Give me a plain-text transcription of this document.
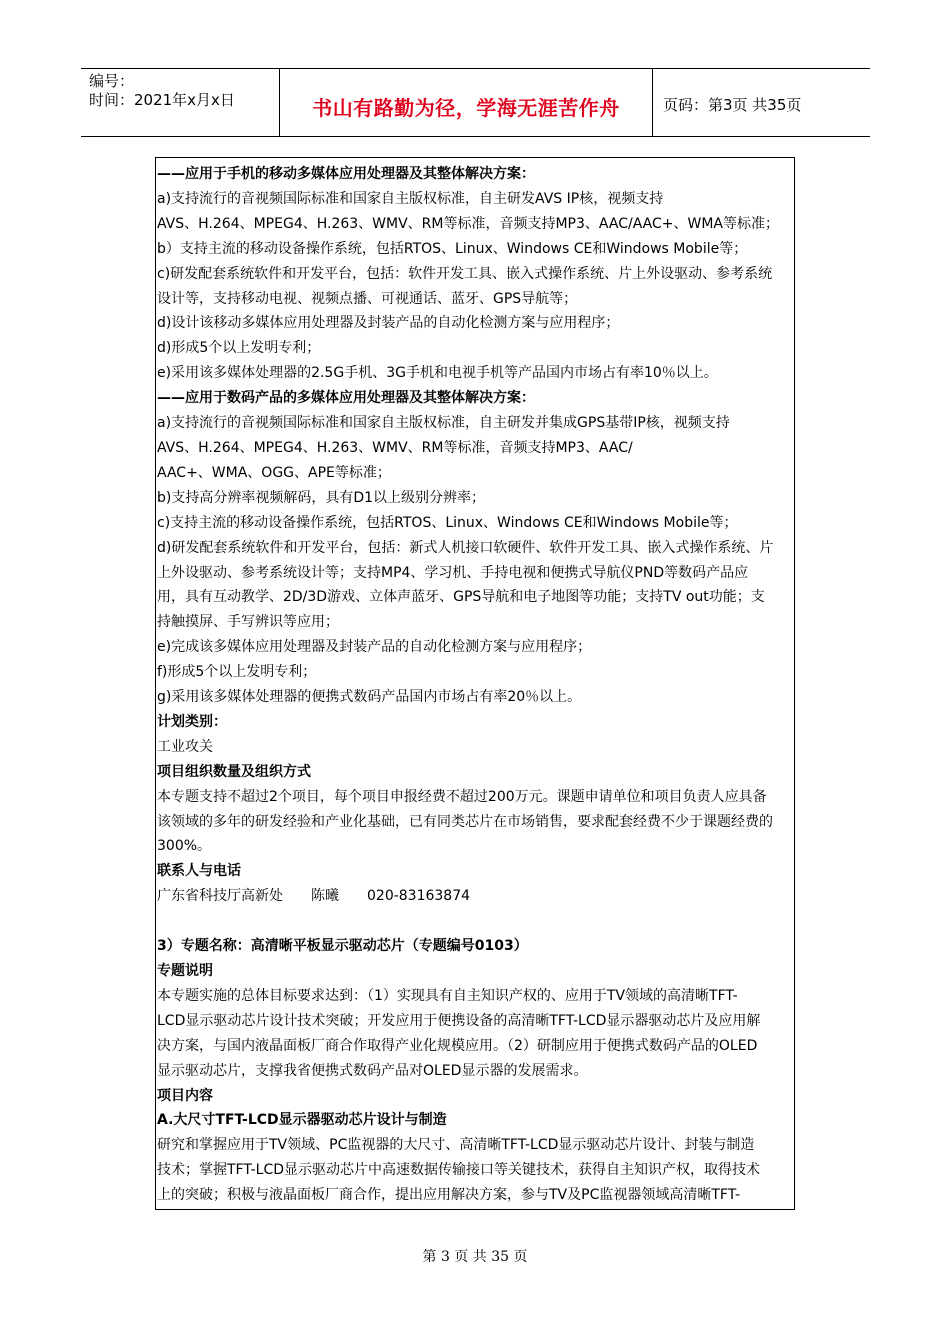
编号：
时间：2021年x月x日	书山有路勤为径，学海无涯苦作舟	页码：第3页 共35页

——应用于手机的移动多媒体应用处理器及其整体解决方案：

a)支持流行的音视频国际标准和国家自主版权标准，自主研发AVS IP核，视频支持

AVS、H.264、MPEG4、H.263、WMV、RM等标准，音频支持MP3、AAC/AAC+、WMA等标准；

b）支持主流的移动设备操作系统，包括RTOS、Linux、Windows CE和Windows Mobile等；

c)研发配套系统软件和开发平台，包括：软件开发工具、嵌入式操作系统、片上外设驱动、参考系统

设计等，支持移动电视、视频点播、可视通话、蓝牙、GPS导航等；

d)设计该移动多媒体应用处理器及封装产品的自动化检测方案与应用程序；

d)形成5个以上发明专利；

e)采用该多媒体处理器的2.5G手机、3G手机和电视手机等产品国内市场占有率10％以上。

——应用于数码产品的多媒体应用处理器及其整体解决方案：

a)支持流行的音视频国际标准和国家自主版权标准，自主研发并集成GPS基带IP核，视频支持

AVS、H.264、MPEG4、H.263、WMV、RM等标准，音频支持MP3、AAC/

AAC+、WMA、OGG、APE等标准；

b)支持高分辨率视频解码，具有D1以上级别分辨率；

c)支持主流的移动设备操作系统，包括RTOS、Linux、Windows CE和Windows Mobile等；

d)研发配套系统软件和开发平台，包括：新式人机接口软硬件、软件开发工具、嵌入式操作系统、片

上外设驱动、参考系统设计等；支持MP4、学习机、手持电视和便携式导航仪PND等数码产品应

用，具有互动教学、2D/3D游戏、立体声蓝牙、GPS导航和电子地图等功能；支持TV out功能；支

持触摸屏、手写辨识等应用；

e)完成该多媒体应用处理器及封装产品的自动化检测方案与应用程序；

f)形成5个以上发明专利；

g)采用该多媒体处理器的便携式数码产品国内市场占有率20％以上。

计划类别：

工业攻关

项目组织数量及组织方式

本专题支持不超过2个项目，每个项目申报经费不超过200万元。课题申请单位和项目负责人应具备

该领域的多年的研发经验和产业化基础，已有同类芯片在市场销售，要求配套经费不少于课题经费的

300%。

联系人与电话

广东省科技厅高新处　　陈曦　　020-83163874

3）专题名称：高清晰平板显示驱动芯片（专题编号0103）

专题说明

本专题实施的总体目标要求达到：（1）实现具有自主知识产权的、应用于TV领域的高清晰TFT-

LCD显示驱动芯片设计技术突破；开发应用于便携设备的高清晰TFT-LCD显示器驱动芯片及应用解

决方案，与国内液晶面板厂商合作取得产业化规模应用。（2）研制应用于便携式数码产品的OLED

显示驱动芯片，支撑我省便携式数码产品对OLED显示器的发展需求。

项目内容

A.大尺寸TFT-LCD显示器驱动芯片设计与制造

研究和掌握应用于TV领域、PC监视器的大尺寸、高清晰TFT-LCD显示驱动芯片设计、封装与制造

技术；掌握TFT-LCD显示驱动芯片中高速数据传输接口等关键技术，获得自主知识产权，取得技术

上的突破；积极与液晶面板厂商合作，提出应用解决方案，参与TV及PC监视器领域高清晰TFT-

第 3 页 共 35 页
